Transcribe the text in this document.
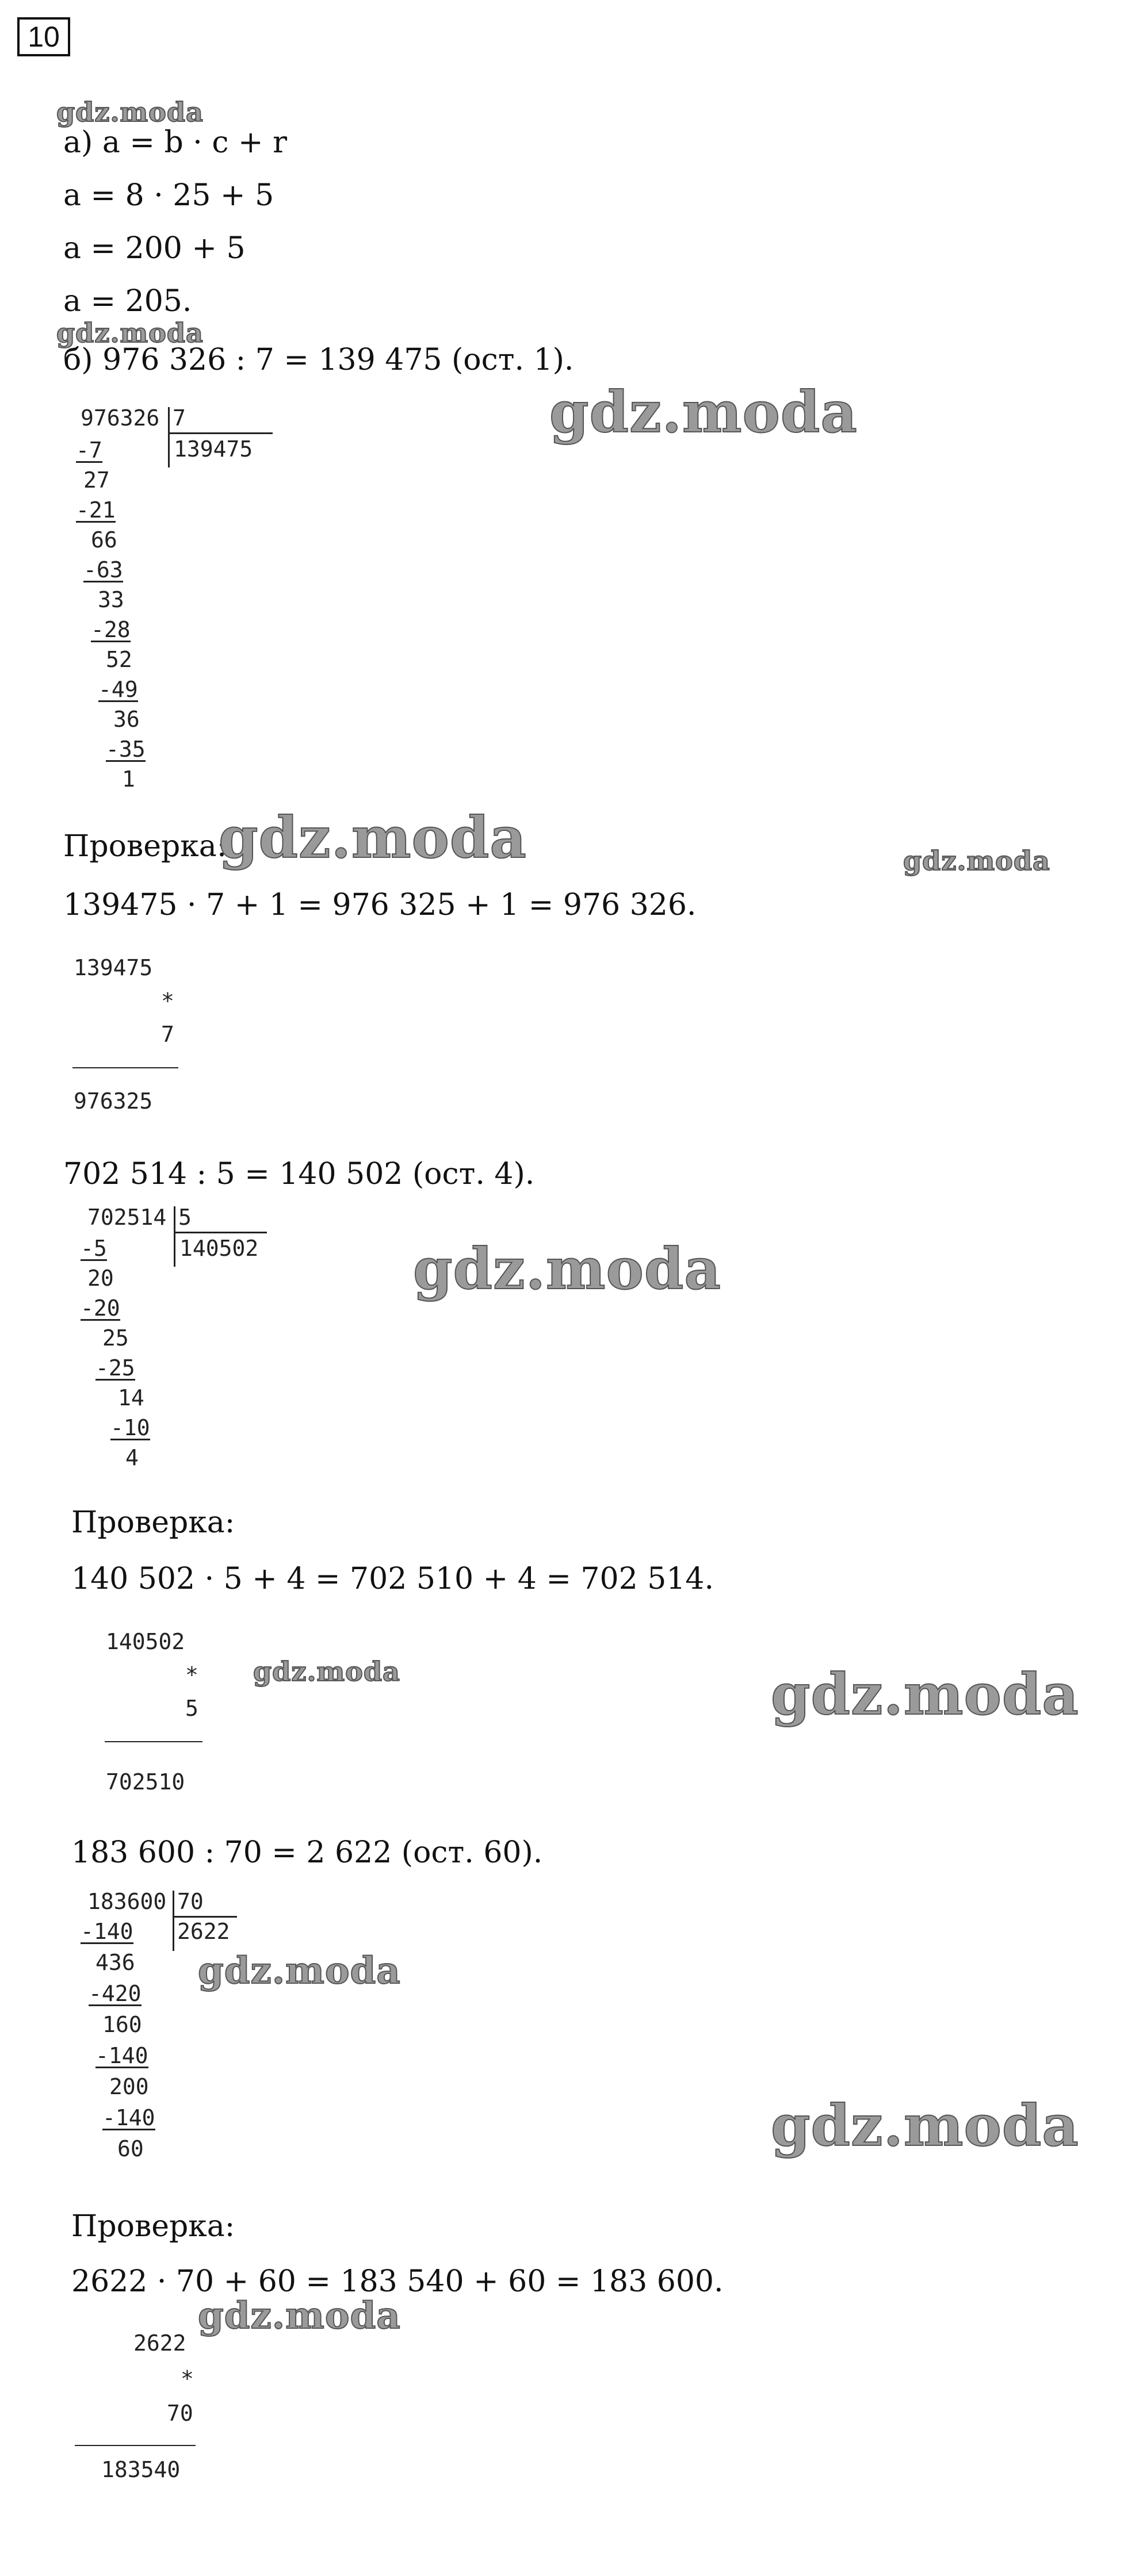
10
gdz.moda
а) a = b · c + r
a = 8 · 25 + 5
a = 200 + 5
a = 205.
gdz.moda
б) 976 326 : 7 = 139 475 (ост. 1).
gdz.moda
976326 7
139475
-7
27
-21
66
-63
33
-28
52
-49
36
-35
1
Проверка:
gdz.moda	gdz.moda
139475 · 7 + 1 = 976 325 + 1 = 976 326.
139475
*
7
976325
702 514 : 5 = 140 502 (ост. 4).
gdz.moda
702514 5
140502
-5
20
-20
25
-25
14
-10
4
Проверка:
140 502 · 5 + 4 = 702 510 + 4 = 702 514.
140502
* gdz.moda	gdz.moda
5
702510
183 600 : 70 = 2 622 (ост. 60).
183600 70
2622
gdz.moda
-140
436
-420
160
-140
200
-140
60	gdz.moda
Проверка:
2622 · 70 + 60 = 183 540 + 60 = 183 600.
gdz.moda
2622
*
70
183540
